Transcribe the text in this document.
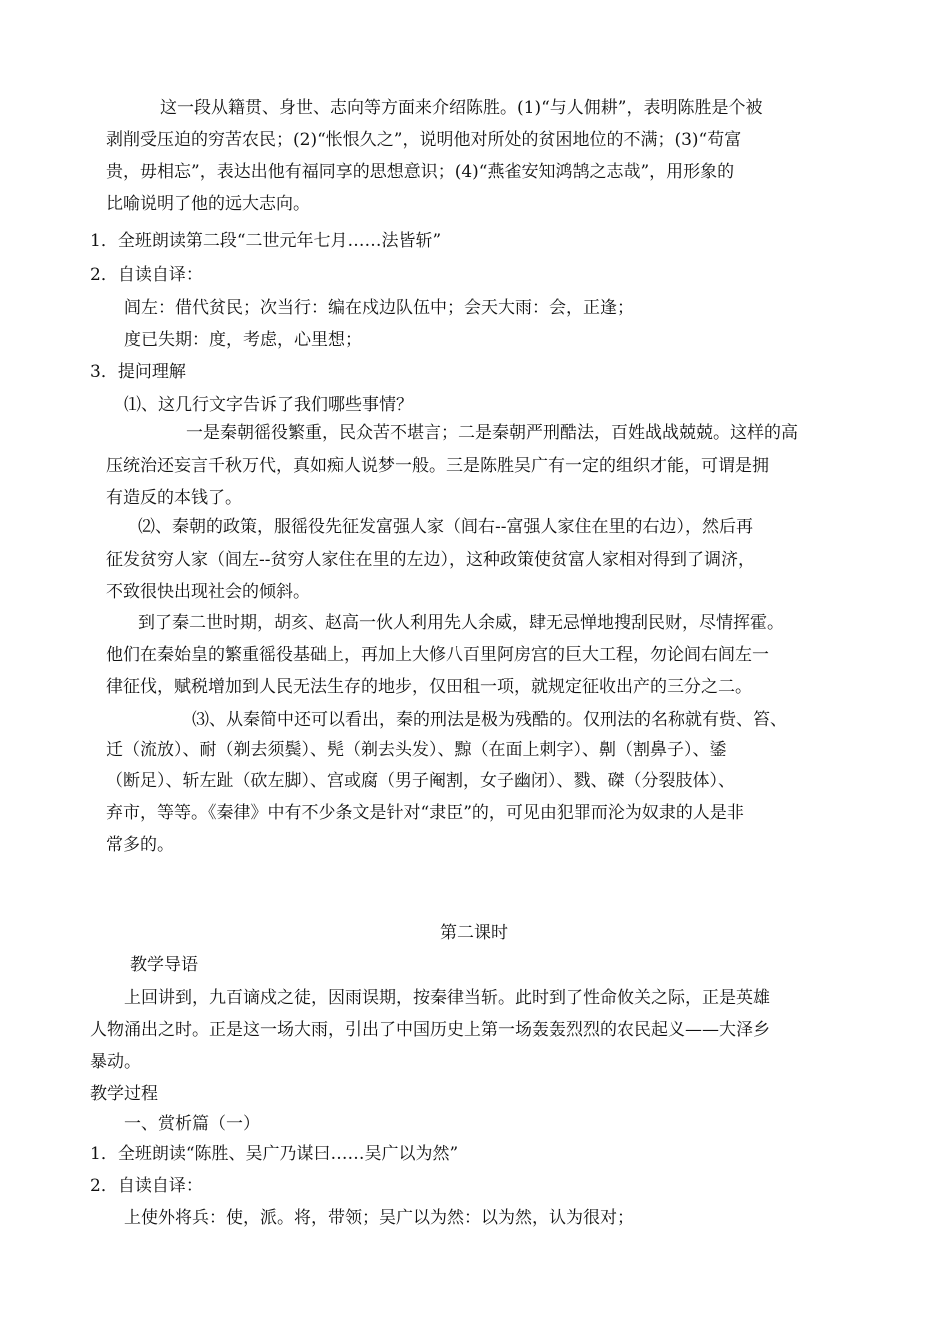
这一段从籍贯、身世、志向等方面来介绍陈胜。(1)“与人佣耕”，表明陈胜是个被
剥削受压迫的穷苦农民；(2)“怅恨久之”，说明他对所处的贫困地位的不满；(3)“苟富
贵，毋相忘”，表达出他有福同享的思想意识；(4)“燕雀安知鸿鹄之志哉”，用形象的
比喻说明了他的远大志向。
1．全班朗读第二段“二世元年七月……法皆斩”
2．自读自译：
闾左：借代贫民；次当行：编在戍边队伍中；会天大雨：会，正逢；
度已失期：度，考虑，心里想；
3．提问理解
⑴、这几行文字告诉了我们哪些事情？
一是秦朝徭役繁重，民众苦不堪言；二是秦朝严刑酷法，百姓战战兢兢。这样的高
压统治还妄言千秋万代，真如痴人说梦一般。三是陈胜吴广有一定的组织才能，可谓是拥
有造反的本钱了。
⑵、秦朝的政策，服徭役先征发富强人家（闾右--富强人家住在里的右边），然后再
征发贫穷人家（闾左--贫穷人家住在里的左边），这种政策使贫富人家相对得到了调济，
不致很快出现社会的倾斜。
到了秦二世时期，胡亥、赵高一伙人利用先人余威，肆无忌惮地搜刮民财，尽情挥霍。
他们在秦始皇的繁重徭役基础上，再加上大修八百里阿房宫的巨大工程，勿论闾右闾左一
律征伐，赋税增加到人民无法生存的地步，仅田租一项，就规定征收出产的三分之二。
⑶、从秦简中还可以看出，秦的刑法是极为残酷的。仅刑法的名称就有赀、笞、
迁（流放）、耐（剃去须鬓）、髡（剃去头发）、黥（在面上刺字）、劓（割鼻子）、鋈
（断足）、斩左趾（砍左脚）、宫或腐（男子阉割，女子幽闭）、戮、磔（分裂肢体）、
弃市，等等。《秦律》中有不少条文是针对“隶臣”的，可见由犯罪而沦为奴隶的人是非
常多的。
第二课时
教学导语
上回讲到，九百谪戍之徒，因雨误期，按秦律当斩。此时到了性命攸关之际，正是英雄
人物涌出之时。正是这一场大雨，引出了中国历史上第一场轰轰烈烈的农民起义——大泽乡
暴动。
教学过程
一、赏析篇（一）
1．全班朗读“陈胜、吴广乃谋曰……吴广以为然”
2．自读自译：
上使外将兵：使，派。将，带领；吴广以为然：以为然，认为很对；
